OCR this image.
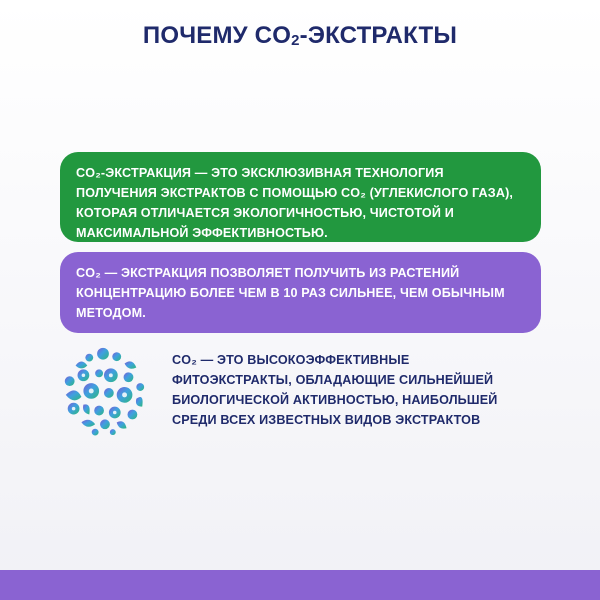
ПОЧЕМУ $CO_2$-ЭКСТРАКТЫ

CO₂-ЭКСТРАКЦИЯ — ЭТО ЭКСКЛЮЗИВНАЯ ТЕХНОЛОГИЯ ПОЛУЧЕНИЯ ЭКСТРАКТОВ С ПОМОЩЬЮ CO₂ (УГЛЕКИСЛОГО ГАЗА), КОТОРАЯ ОТЛИЧАЕТСЯ ЭКОЛОГИЧНОСТЬЮ, ЧИСТОТОЙ И МАКСИМАЛЬНОЙ ЭФФЕКТИВНОСТЬЮ.

CO₂ — ЭКСТРАКЦИЯ ПОЗВОЛЯЕТ ПОЛУЧИТЬ ИЗ РАСТЕНИЙ КОНЦЕНТРАЦИЮ БОЛЕЕ ЧЕМ В 10 РАЗ СИЛЬНЕЕ, ЧЕМ ОБЫЧНЫМ МЕТОДОМ.

CO₂ — ЭТО ВЫСОКОЭФФЕКТИВНЫЕ ФИТОЭКСТРАКТЫ, ОБЛАДАЮЩИЕ СИЛЬНЕЙШЕЙ БИОЛОГИЧЕСКОЙ АКТИВНОСТЬЮ, НАИБОЛЬШЕЙ СРЕДИ ВСЕХ ИЗВЕСТНЫХ ВИДОВ ЭКСТРАКТОВ
